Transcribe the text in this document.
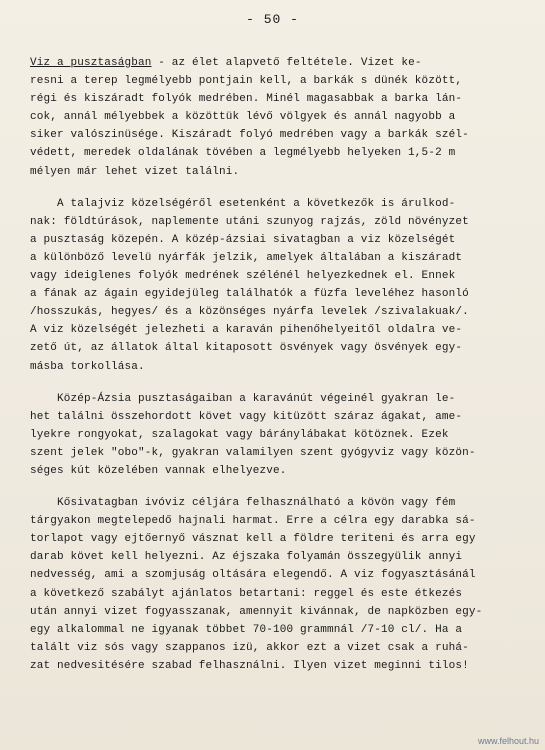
- 50 -
Viz a pusztaságban - az élet alapvető feltétele. Vizet ke-
resni a terep legmélyebb pontjain kell, a barkák s dünék között,
régi és kiszáradt folyók medrében. Minél magasabbak a barka lán-
cok, annál mélyebbek a közöttük lévő völgyek és annál nagyobb a
siker valószinüsége. Kiszáradt folyó medrében vagy a barkák szél-
védett, meredek oldalának tövében a legmélyebb helyeken 1,5-2 m
mélyen már lehet vizet találni.
A talajviz közelségéről esetenként a következők is árulkod-
nak: földtúrások, naplemente utáni szunyog rajzás, zöld növényzet
a pusztaság közepén. A közép-ázsiai sivatagban a viz közelségét
a különböző levelü nyárfák jelzik, amelyek általában a kiszáradt
vagy ideiglenes folyók medrének szélénél helyezkednek el. Ennek
a fának az ágain egyidejüleg találhatók a füzfa leveléhez hasonló
/hosszukás, hegyes/ és a közönséges nyárfa levelek /szivalakuak/.
A viz közelségét jelezheti a karaván pihenőhelyeitől oldalra ve-
zető út, az állatok által kitaposott ösvények vagy ösvények egy-
másba torkollása.
Közép-Ázsia pusztaságaiban a karavánút végeinél gyakran le-
het találni összehordott követ vagy kitüzött száraz ágakat, ame-
lyekre rongyokat, szalagokat vagy báránylábakat kötöznek. Ezek
szent jelek "obo"-k, gyakran valamilyen szent gyógyviz vagy közön-
séges kút közelében vannak elhelyezve.
Kősivatagban ivóviz céljára felhasználható a kövön vagy fém
tárgyakon megtelepedő hajnali harmat. Erre a célra egy darabka sá-
torlapot vagy ejtőernyő vásznat kell a földre teriteni és arra egy
darab követ kell helyezni. Az éjszaka folyamán összegyülik annyi
nedvesség, ami a szomjuság oltására elegendő. A viz fogyasztásánál
a következő szabályt ajánlatos betartani: reggel és este étkezés
után annyi vizet fogyasszanak, amennyit kivánnak, de napközben egy-
egy alkalommal ne igyanak többet 70-100 grammnál /7-10 cl/. Ha a
talált viz sós vagy szappanos izü, akkor ezt a vizet csak a ruhá-
zat nedvesitésére szabad felhasználni. Ilyen vizet meginni tilos!
www.felhout.hu
